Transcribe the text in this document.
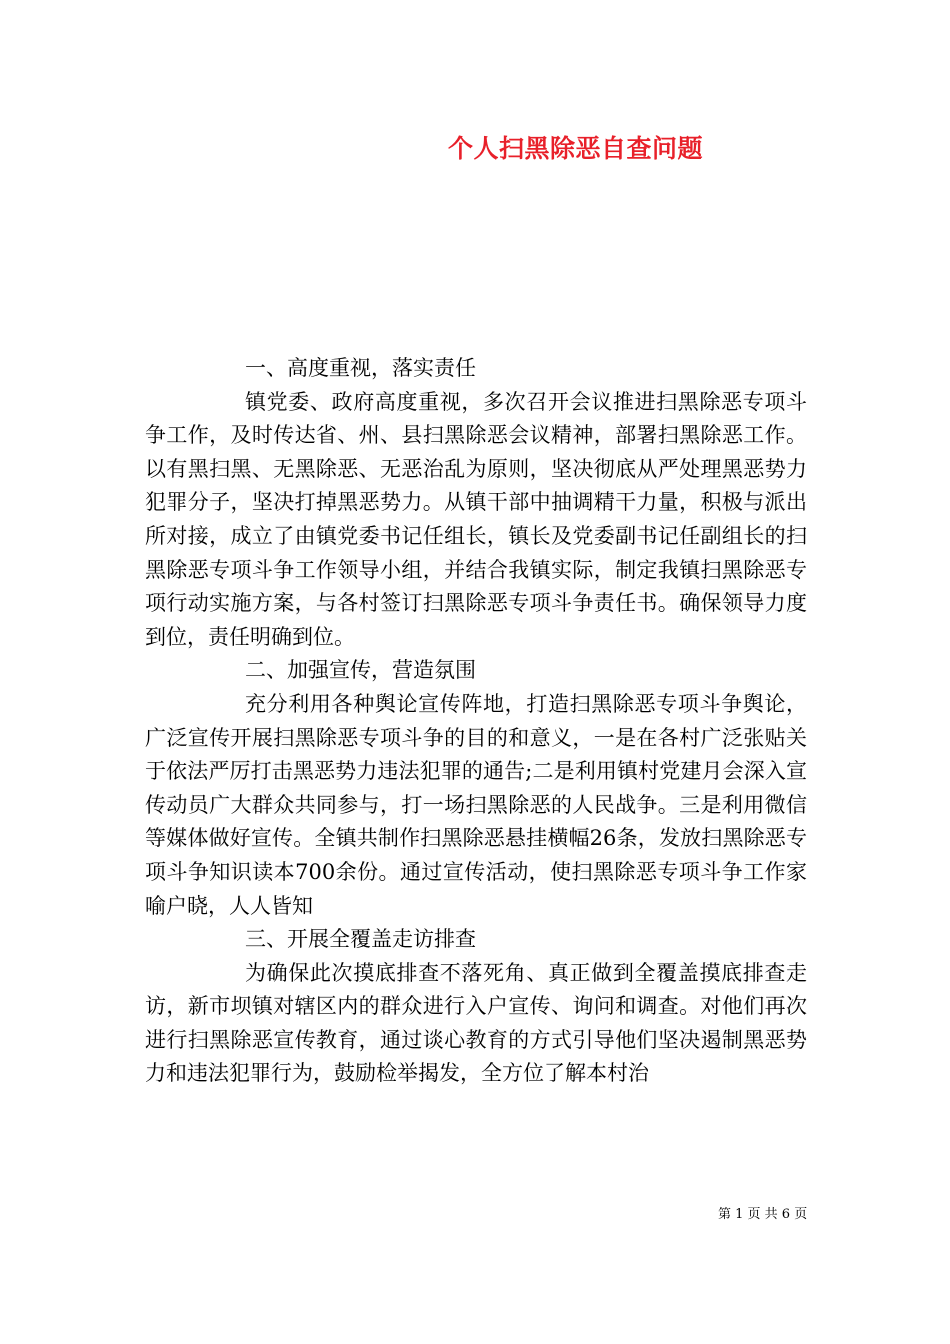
个人扫黑除恶自查问题

一、高度重视，落实责任

镇党委、政府高度重视，多次召开会议推进扫黑除恶专项斗争工作，及时传达省、州、县扫黑除恶会议精神，部署扫黑除恶工作。以有黑扫黑、无黑除恶、无恶治乱为原则，坚决彻底从严处理黑恶势力犯罪分子，坚决打掉黑恶势力。从镇干部中抽调精干力量，积极与派出所对接，成立了由镇党委书记任组长，镇长及党委副书记任副组长的扫黑除恶专项斗争工作领导小组，并结合我镇实际，制定我镇扫黑除恶专项行动实施方案，与各村签订扫黑除恶专项斗争责任书。确保领导力度到位，责任明确到位。

二、加强宣传，营造氛围

充分利用各种舆论宣传阵地，打造扫黑除恶专项斗争舆论，广泛宣传开展扫黑除恶专项斗争的目的和意义，一是在各村广泛张贴关于依法严厉打击黑恶势力违法犯罪的通告;二是利用镇村党建月会深入宣传动员广大群众共同参与，打一场扫黑除恶的人民战争。三是利用微信等媒体做好宣传。全镇共制作扫黑除恶悬挂横幅26条，发放扫黑除恶专项斗争知识读本700余份。通过宣传活动，使扫黑除恶专项斗争工作家喻户晓，人人皆知

三、开展全覆盖走访排查

为确保此次摸底排查不落死角、真正做到全覆盖摸底排查走访，新市坝镇对辖区内的群众进行入户宣传、询问和调查。对他们再次进行扫黑除恶宣传教育，通过谈心教育的方式引导他们坚决遏制黑恶势力和违法犯罪行为，鼓励检举揭发，全方位了解本村治

第 1 页 共 6 页
